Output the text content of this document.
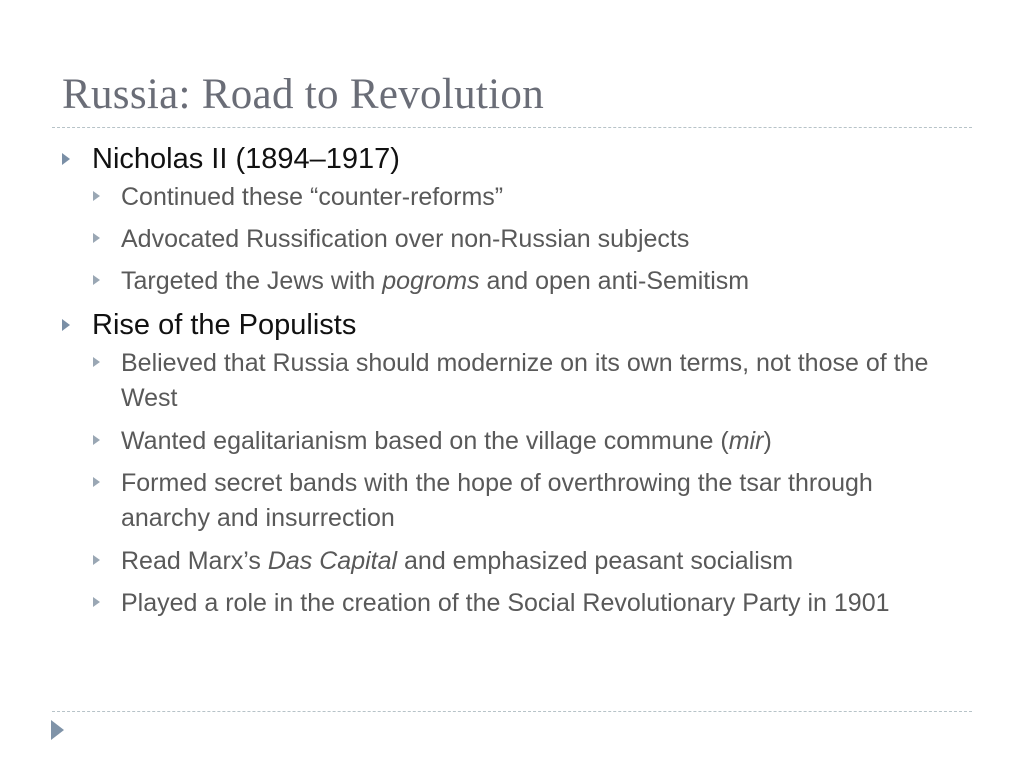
Russia: Road to Revolution
Nicholas II (1894–1917)
Continued these “counter-reforms”
Advocated Russification over non-Russian subjects
Targeted the Jews with pogroms and open anti-Semitism
Rise of the Populists
Believed that Russia should modernize on its own terms, not those of the West
Wanted egalitarianism based on the village commune (mir)
Formed secret bands with the hope of overthrowing the tsar through anarchy and insurrection
Read Marx’s Das Capital and emphasized peasant socialism
Played a role in the creation of the Social Revolutionary Party in 1901
